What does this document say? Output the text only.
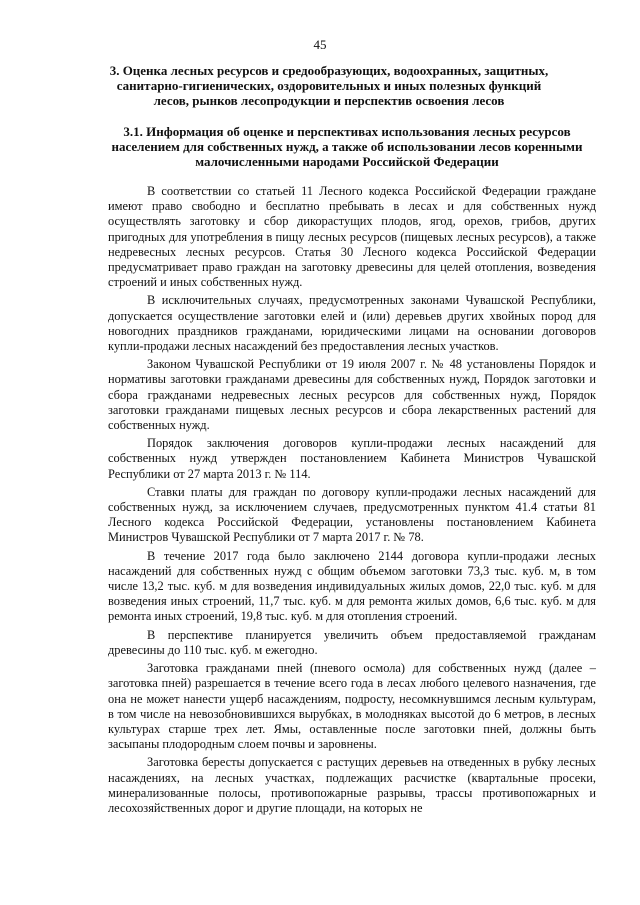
45
3. Оценка лесных ресурсов и средообразующих, водоохранных, защитных, санитарно-гигиенических, оздоровительных и иных полезных функций лесов, рынков лесопродукции и перспектив освоения лесов
3.1. Информация об оценке и перспективах использования лесных ресурсов населением для собственных нужд, а также об использовании лесов коренными малочисленными народами Российской Федерации

В соответствии со статьей 11 Лесного кодекса Российской Федерации граждане имеют право свободно и бесплатно пребывать в лесах и для собственных нужд осуществлять заготовку и сбор дикорастущих плодов, ягод, орехов, грибов, других пригодных для употребления в пищу лесных ресурсов (пищевых лесных ресурсов), а также недревесных лесных ресурсов. Статья 30 Лесного кодекса Российской Федерации предусматривает право граждан на заготовку древесины для целей отопления, возведения строений и иных собственных нужд.

В исключительных случаях, предусмотренных законами Чувашской Республики, допускается осуществление заготовки елей и (или) деревьев других хвойных пород для новогодних праздников гражданами, юридическими лицами на основании договоров купли-продажи лесных насаждений без предоставления лесных участков.

Законом Чувашской Республики от 19 июля 2007 г. № 48 установлены Порядок и нормативы заготовки гражданами древесины для собственных нужд, Порядок заготовки и сбора гражданами недревесных лесных ресурсов для собственных нужд, Порядок заготовки гражданами пищевых лесных ресурсов и сбора лекарственных растений для собственных нужд.

Порядок заключения договоров купли-продажи лесных насаждений для собственных нужд утвержден постановлением Кабинета Министров Чувашской Республики от 27 марта 2013 г. № 114.

Ставки платы для граждан по договору купли-продажи лесных насаждений для собственных нужд, за исключением случаев, предусмотренных пунктом 41.4 статьи 81 Лесного кодекса Российской Федерации, установлены постановлением Кабинета Министров Чувашской Республики от 7 марта 2017 г. № 78.

В течение 2017 года было заключено 2144 договора купли-продажи лесных насаждений для собственных нужд с общим объемом заготовки 73,3 тыс. куб. м, в том числе 13,2 тыс. куб. м для возведения индивидуальных жилых домов, 22,0 тыс. куб. м для возведения иных строений, 11,7 тыс. куб. м для ремонта жилых домов, 6,6 тыс. куб. м для ремонта иных строений, 19,8 тыс. куб. м для отопления строений.

В перспективе планируется увеличить объем предоставляемой гражданам древесины до 110 тыс. куб. м ежегодно.

Заготовка гражданами пней (пневого осмола) для собственных нужд (далее – заготовка пней) разрешается в течение всего года в лесах любого целевого назначения, где она не может нанести ущерб насаждениям, подросту, несомкнувшимся лесным культурам, в том числе на невозобновившихся вырубках, в молодняках высотой до 6 метров, в лесных культурах старше трех лет. Ямы, оставленные после заготовки пней, должны быть засыпаны плодородным слоем почвы и заровнены.

Заготовка бересты допускается с растущих деревьев на отведенных в рубку лесных насаждениях, на лесных участках, подлежащих расчистке (квартальные просеки, минерализованные полосы, противопожарные разрывы, трассы противопожарных и лесохозяйственных дорог и другие площади, на которых не
